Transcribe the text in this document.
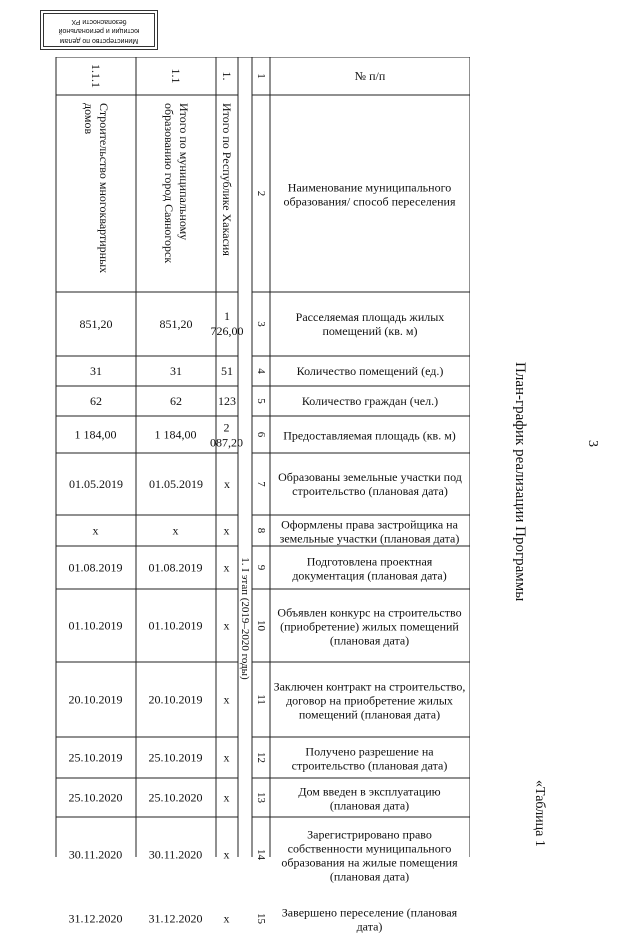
Министерство по делам
юстиции и региональной
безопасности РХ
3
«Таблица 1
План-график реализации Программы
№ п/п
Наименование муниципального образования/ способ переселения
Расселяемая площадь жилых помещений (кв. м)
Количество помещений (ед.)
Количество граждан (чел.)
Предоставляемая площадь (кв. м)
Образованы земельные участки под строительство (плановая дата)
Оформлены права застройщика на земельные участки (плановая дата)
Подготовлена проектная документация (плановая дата)
Объявлен конкурс на строительство (приобретение) жилых помещений (плановая дата)
Заключен контракт на строительство, договор на приобретение жилых помещений (плановая дата)
Получено разрешение на строительство (плановая дата)
Дом введен в эксплуатацию (плановая дата)
Зарегистрировано право собственности муниципального образования на жилые помещения (плановая дата)
Завершено переселение (плановая дата)
1
2
3
4
5
6
7
8
9
10
11
12
13
14
15
1. I этап (2019–2020 годы)
1.
Итого по Республике Хакасия
1 726,00
51
123
2 087,20
x
x
x
x
x
x
x
x
x
1.1
Итого по муниципальному образованию город Саяногорск
851,20
31
62
1 184,00
01.05.2019
x
01.08.2019
01.10.2019
20.10.2019
25.10.2019
25.10.2020
30.11.2020
31.12.2020
1.1.1
Строительство многоквартирных домов
851,20
31
62
1 184,00
01.05.2019
x
01.08.2019
01.10.2019
20.10.2019
25.10.2019
25.10.2020
30.11.2020
31.12.2020
